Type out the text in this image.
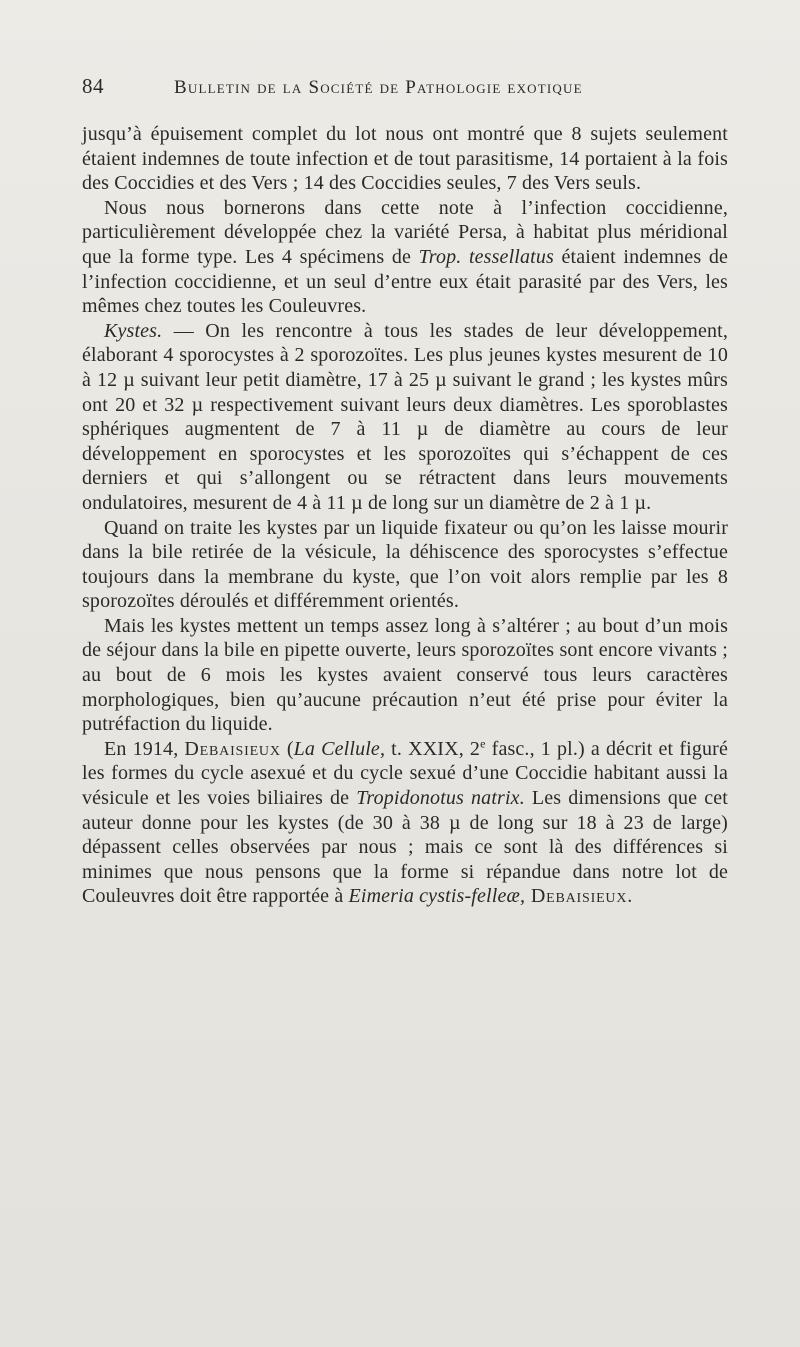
84	Bulletin de la Société de Pathologie exotique

jusqu’à épuisement complet du lot nous ont montré que 8 sujets seulement étaient indemnes de toute infection et de tout parasitisme, 14 portaient à la fois des Coccidies et des Vers ; 14 des Coccidies seules, 7 des Vers seuls.

Nous nous bornerons dans cette note à l’infection coccidienne, particulièrement développée chez la variété Persa, à habitat plus méridional que la forme type. Les 4 spécimens de Trop. tessellatus étaient indemnes de l’infection coccidienne, et un seul d’entre eux était parasité par des Vers, les mêmes chez toutes les Couleuvres.

Kystes. — On les rencontre à tous les stades de leur développement, élaborant 4 sporocystes à 2 sporozoïtes. Les plus jeunes kystes mesurent de 10 à 12 µ suivant leur petit diamètre, 17 à 25 µ suivant le grand ; les kystes mûrs ont 20 et 32 µ respectivement suivant leurs deux diamètres. Les sporoblastes sphériques augmentent de 7 à 11 µ de diamètre au cours de leur développement en sporocystes et les sporozoïtes qui s’échappent de ces derniers et qui s’allongent ou se rétractent dans leurs mouvements ondulatoires, mesurent de 4 à 11 µ de long sur un diamètre de 2 à 1 µ.

Quand on traite les kystes par un liquide fixateur ou qu’on les laisse mourir dans la bile retirée de la vésicule, la déhiscence des sporocystes s’effectue toujours dans la membrane du kyste, que l’on voit alors remplie par les 8 sporozoïtes déroulés et différemment orientés.

Mais les kystes mettent un temps assez long à s’altérer ; au bout d’un mois de séjour dans la bile en pipette ouverte, leurs sporozoïtes sont encore vivants ; au bout de 6 mois les kystes avaient conservé tous leurs caractères morphologiques, bien qu’aucune précaution n’eut été prise pour éviter la putréfaction du liquide.

En 1914, Debaisieux (La Cellule, t. XXIX, 2e fasc., 1 pl.) a décrit et figuré les formes du cycle asexué et du cycle sexué d’une Coccidie habitant aussi la vésicule et les voies biliaires de Tropidonotus natrix. Les dimensions que cet auteur donne pour les kystes (de 30 à 38 µ de long sur 18 à 23 de large) dépassent celles observées par nous ; mais ce sont là des différences si minimes que nous pensons que la forme si répandue dans notre lot de Couleuvres doit être rapportée à Eimeria cystis-felleæ, Debaisieux.
